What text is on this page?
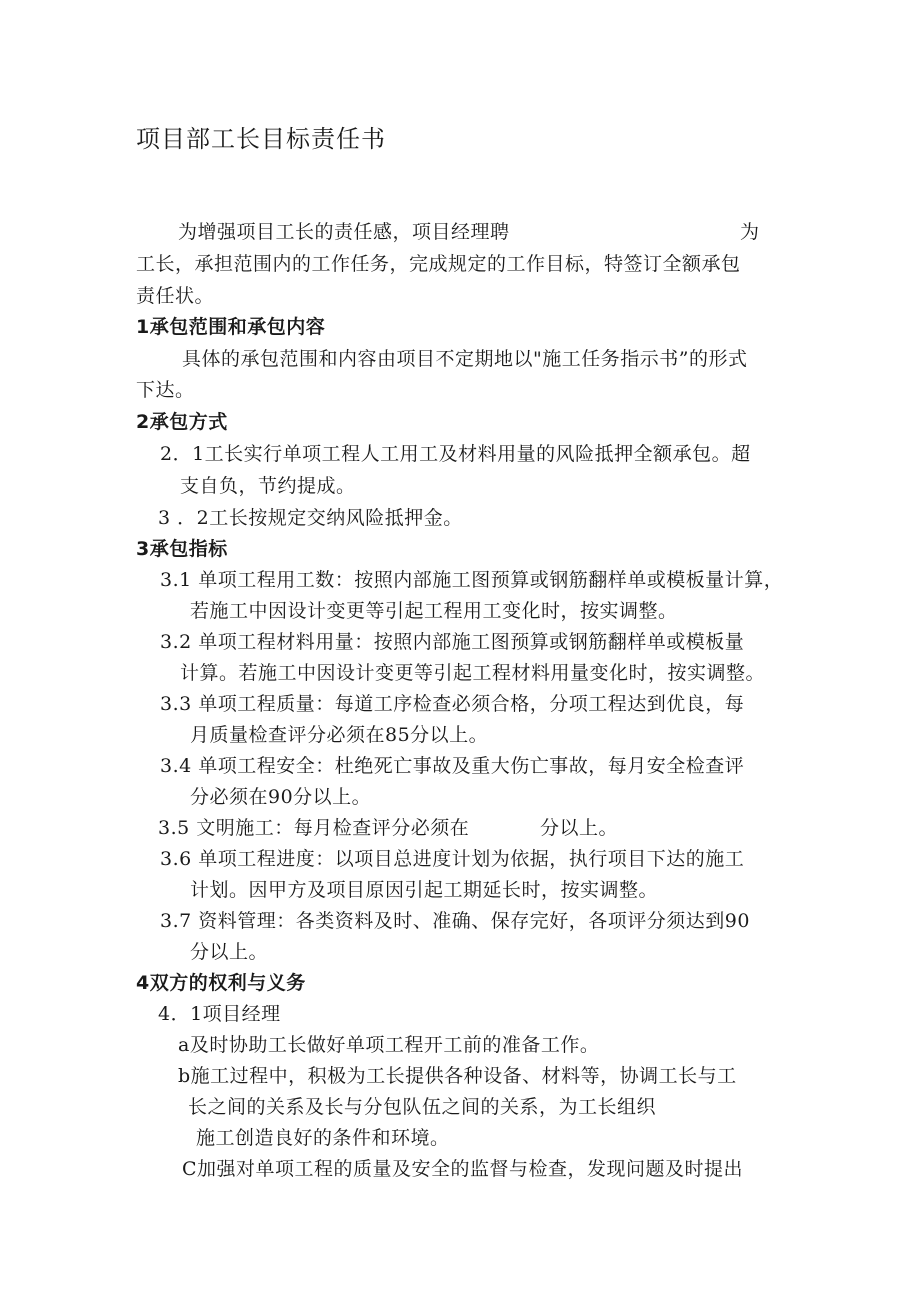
项目部工长目标责任书
为增强项目工长的责任感，项目经理聘	为
工长，承担范围内的工作任务，完成规定的工作目标，特签订全额承包
责任状。
1承包范围和承包内容
具体的承包范围和内容由项目不定期地以"施工任务指示书”的形式
下达。
2承包方式
2．1工长实行单项工程人工用工及材料用量的风险抵押全额承包。超
支自负，节约提成。
3 ．2工长按规定交纳风险抵押金。
3承包指标
3.1 单项工程用工数：按照内部施工图预算或钢筋翻样单或模板量计算，
若施工中因设计变更等引起工程用工变化时，按实调整。
3.2 单项工程材料用量：按照内部施工图预算或钢筋翻样单或模板量
计算。若施工中因设计变更等引起工程材料用量变化时，按实调整。
3.3 单项工程质量：每道工序检查必须合格，分项工程达到优良，每
月质量检查评分必须在85分以上。
3.4 单项工程安全：杜绝死亡事故及重大伤亡事故，每月安全检查评
分必须在90分以上。
3.5 文明施工：每月检查评分必须在	分以上。
3.6 单项工程进度：以项目总进度计划为依据，执行项目下达的施工
计划。因甲方及项目原因引起工期延长时，按实调整。
3.7 资料管理：各类资料及时、准确、保存完好，各项评分须达到90
分以上。
4双方的权利与义务
4．1项目经理
a及时协助工长做好单项工程开工前的准备工作。
b施工过程中，积极为工长提供各种设备、材料等，协调工长与工
长之间的关系及长与分包队伍之间的关系，为工长组织
施工创造良好的条件和环境。
C加强对单项工程的质量及安全的监督与检查，发现问题及时提出
